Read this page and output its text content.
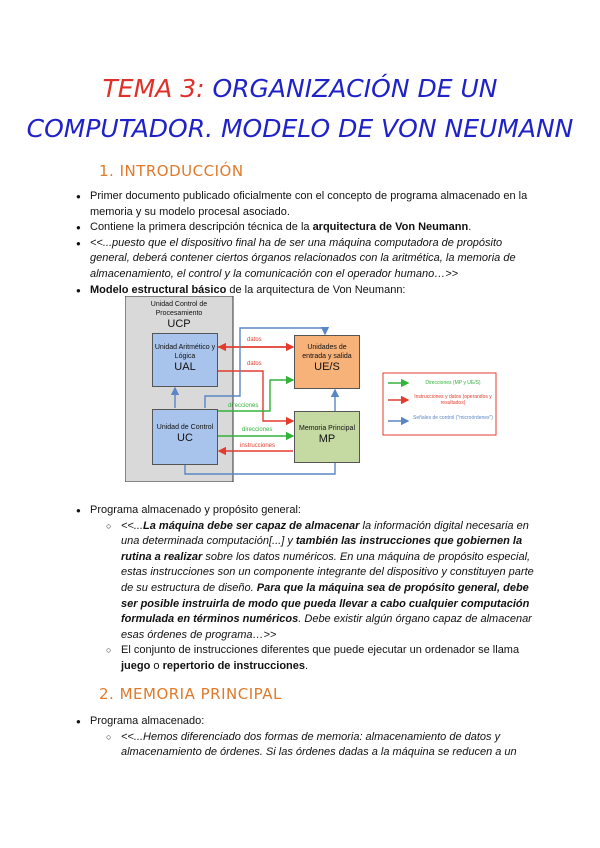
TEMA 3: ORGANIZACIÓN DE UN
COMPUTADOR. MODELO DE VON NEUMANN
1. INTRODUCCIÓN
● Primer documento publicado oficialmente con el concepto de programa almacenado en la memoria y su modelo procesal asociado.
● Contiene la primera descripción técnica de la arquitectura de Von Neumann.
● <<...puesto que el dispositivo final ha de ser una máquina computadora de propósito general, deberá contener ciertos órganos relacionados con la aritmética, la memoria de almacenamiento, el control y la comunicación con el operador humano…>>
● Modelo estructural básico de la arquitectura de Von Neumann:
Unidad Control de Procesamiento
UCP
Unidad Aritmético y Lógica
UAL
Unidad de Control
UC
Unidades de entrada y salida
UE/S
Memoria Principal
MP
datos
datos
direcciones
direcciones
instrucciones
Direcciones (MP y UE/S)
Instrucciones y datos (operandos y resultados)
Señales de control ("microórdenes")
● Programa almacenado y propósito general:
○ <<...La máquina debe ser capaz de almacenar la información digital necesaria en una determinada computación[...] y también las instrucciones que gobiernen la rutina a realizar sobre los datos numéricos. En una máquina de propósito especial, estas instrucciones son un componente integrante del dispositivo y constituyen parte de su estructura de diseño. Para que la máquina sea de propósito general, debe ser posible instruirla de modo que pueda llevar a cabo cualquier computación formulada en términos numéricos. Debe existir algún órgano capaz de almacenar esas órdenes de programa…>>
○ El conjunto de instrucciones diferentes que puede ejecutar un ordenador se llama juego o repertorio de instrucciones.
2. MEMORIA PRINCIPAL
● Programa almacenado:
○ <<...Hemos diferenciado dos formas de memoria: almacenamiento de datos y almacenamiento de órdenes. Si las órdenes dadas a la máquina se reducen a un
